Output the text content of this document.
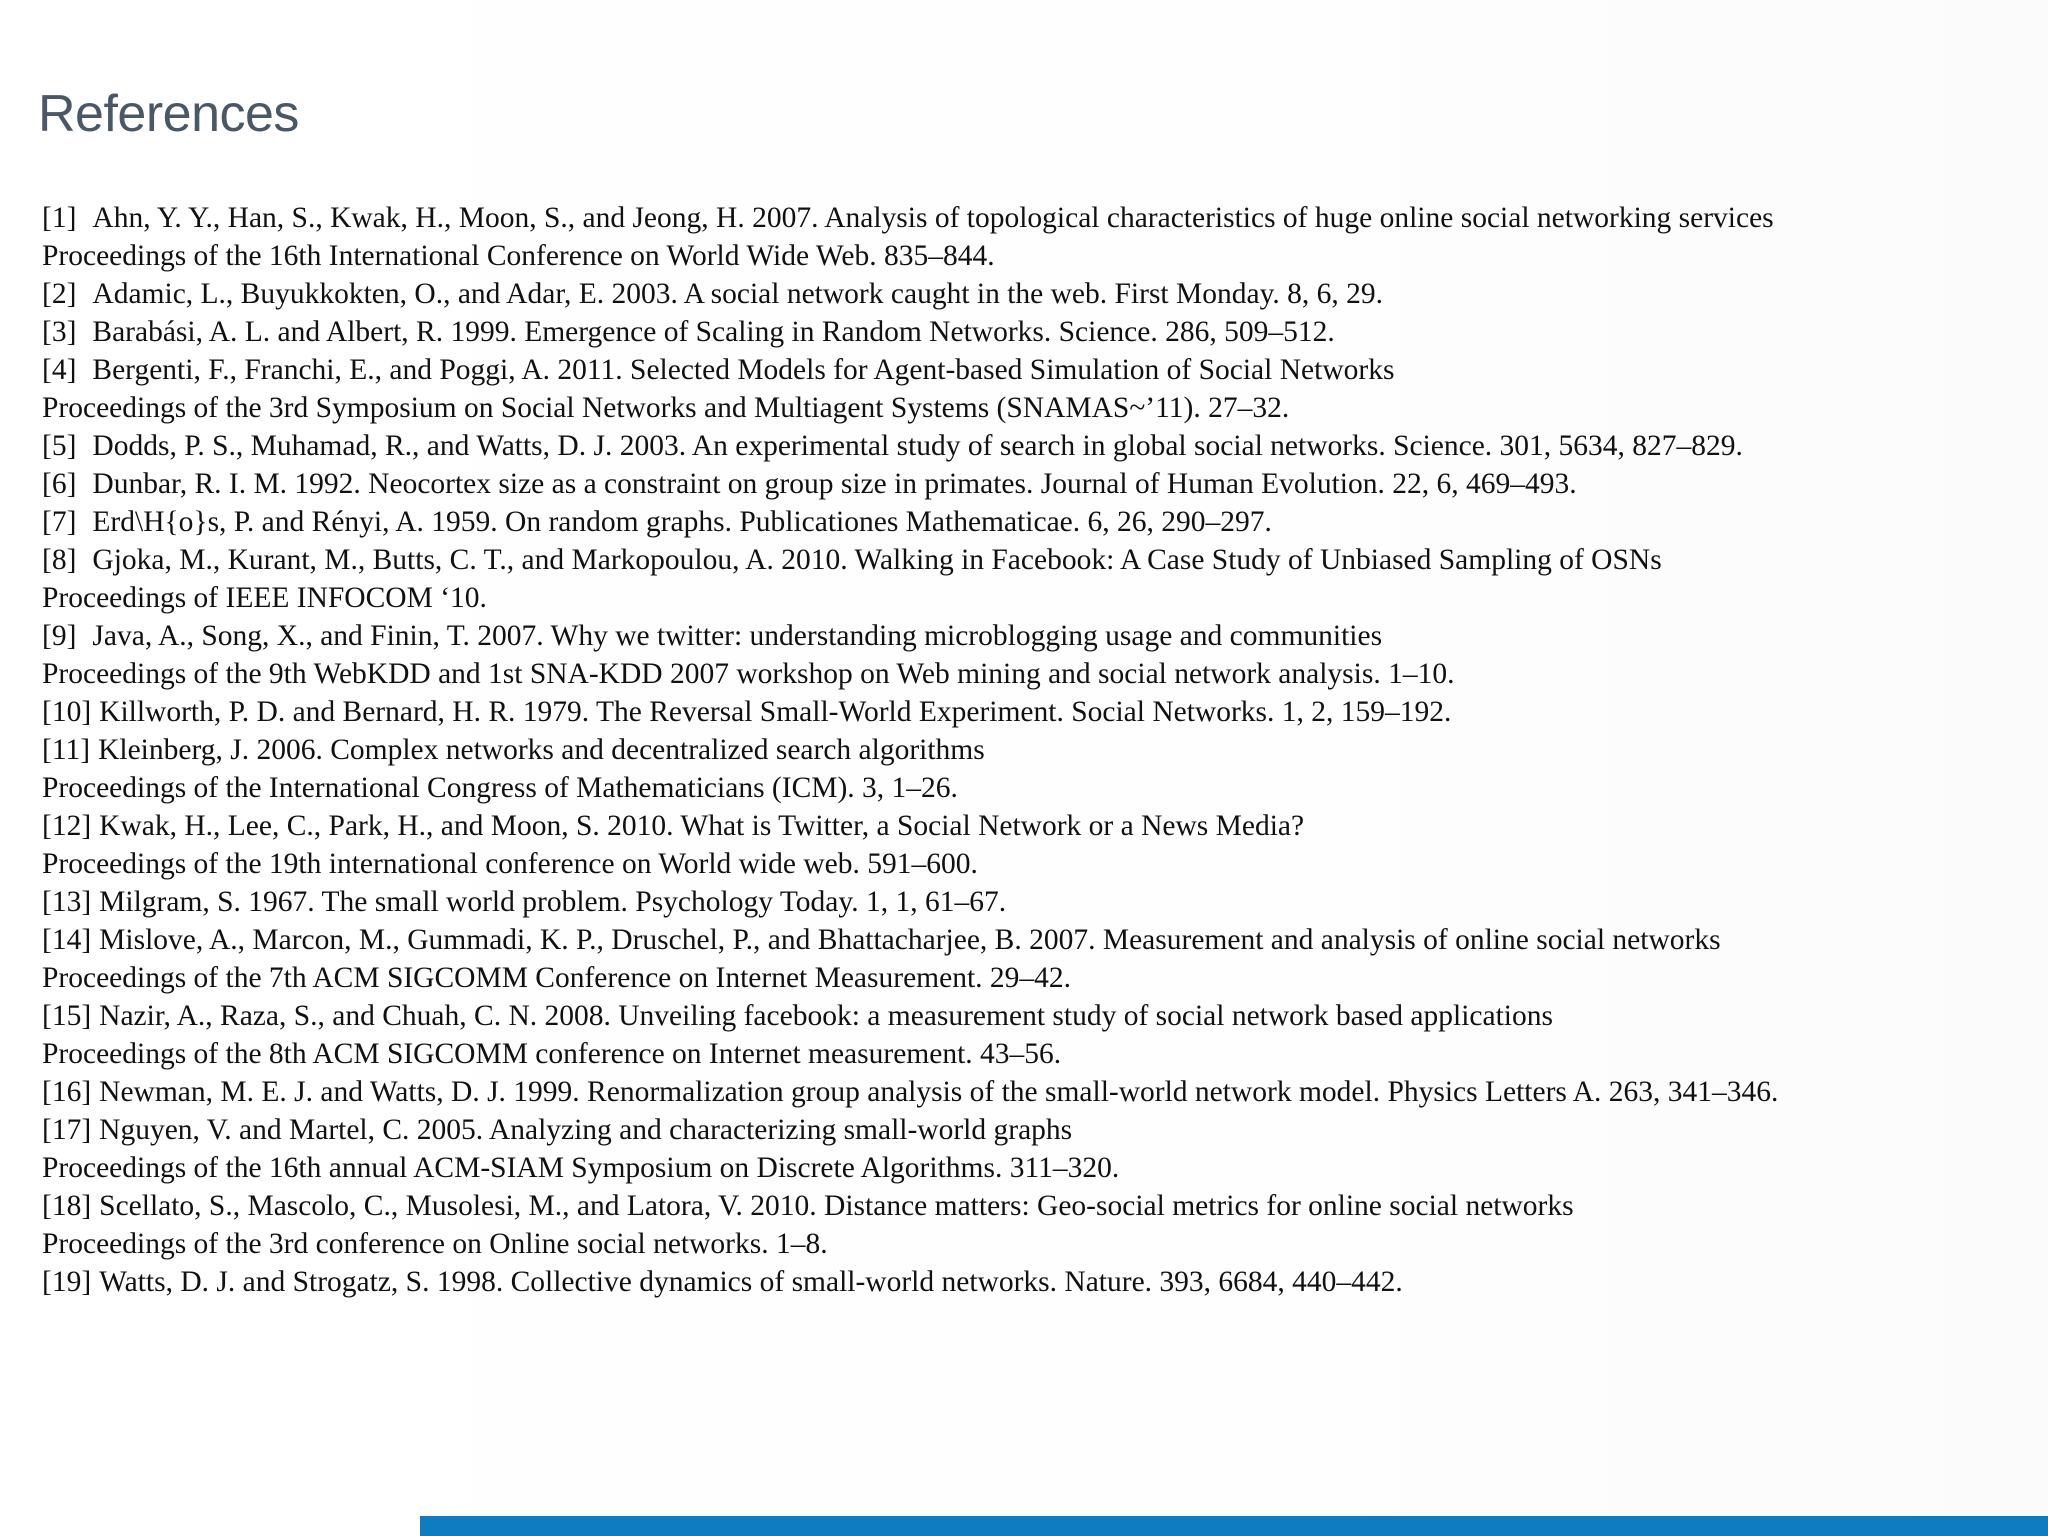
References
[1] Ahn, Y. Y., Han, S., Kwak, H., Moon, S., and Jeong, H. 2007. Analysis of topological characteristics of huge online social networking services
Proceedings of the 16th International Conference on World Wide Web. 835–844.
[2] Adamic, L., Buyukkokten, O., and Adar, E. 2003. A social network caught in the web. First Monday. 8, 6, 29.
[3] Barabási, A. L. and Albert, R. 1999. Emergence of Scaling in Random Networks. Science. 286, 509–512.
[4] Bergenti, F., Franchi, E., and Poggi, A. 2011. Selected Models for Agent-based Simulation of Social Networks
Proceedings of the 3rd Symposium on Social Networks and Multiagent Systems (SNAMAS~’11). 27–32.
[5] Dodds, P. S., Muhamad, R., and Watts, D. J. 2003. An experimental study of search in global social networks. Science. 301, 5634, 827–829.
[6] Dunbar, R. I. M. 1992. Neocortex size as a constraint on group size in primates. Journal of Human Evolution. 22, 6, 469–493.
[7] Erd\H{o}s, P. and Rényi, A. 1959. On random graphs. Publicationes Mathematicae. 6, 26, 290–297.
[8] Gjoka, M., Kurant, M., Butts, C. T., and Markopoulou, A. 2010. Walking in Facebook: A Case Study of Unbiased Sampling of OSNs
Proceedings of IEEE INFOCOM ‘10.
[9] Java, A., Song, X., and Finin, T. 2007. Why we twitter: understanding microblogging usage and communities
Proceedings of the 9th WebKDD and 1st SNA-KDD 2007 workshop on Web mining and social network analysis. 1–10.
[10] Killworth, P. D. and Bernard, H. R. 1979. The Reversal Small-World Experiment. Social Networks. 1, 2, 159–192.
[11] Kleinberg, J. 2006. Complex networks and decentralized search algorithms
Proceedings of the International Congress of Mathematicians (ICM). 3, 1–26.
[12] Kwak, H., Lee, C., Park, H., and Moon, S. 2010. What is Twitter, a Social Network or a News Media?
Proceedings of the 19th international conference on World wide web. 591–600.
[13] Milgram, S. 1967. The small world problem. Psychology Today. 1, 1, 61–67.
[14] Mislove, A., Marcon, M., Gummadi, K. P., Druschel, P., and Bhattacharjee, B. 2007. Measurement and analysis of online social networks
Proceedings of the 7th ACM SIGCOMM Conference on Internet Measurement. 29–42.
[15] Nazir, A., Raza, S., and Chuah, C. N. 2008. Unveiling facebook: a measurement study of social network based applications
Proceedings of the 8th ACM SIGCOMM conference on Internet measurement. 43–56.
[16] Newman, M. E. J. and Watts, D. J. 1999. Renormalization group analysis of the small-world network model. Physics Letters A. 263, 341–346.
[17] Nguyen, V. and Martel, C. 2005. Analyzing and characterizing small-world graphs
Proceedings of the 16th annual ACM-SIAM Symposium on Discrete Algorithms. 311–320.
[18] Scellato, S., Mascolo, C., Musolesi, M., and Latora, V. 2010. Distance matters: Geo-social metrics for online social networks
Proceedings of the 3rd conference on Online social networks. 1–8.
[19] Watts, D. J. and Strogatz, S. 1998. Collective dynamics of small-world networks. Nature. 393, 6684, 440–442.
